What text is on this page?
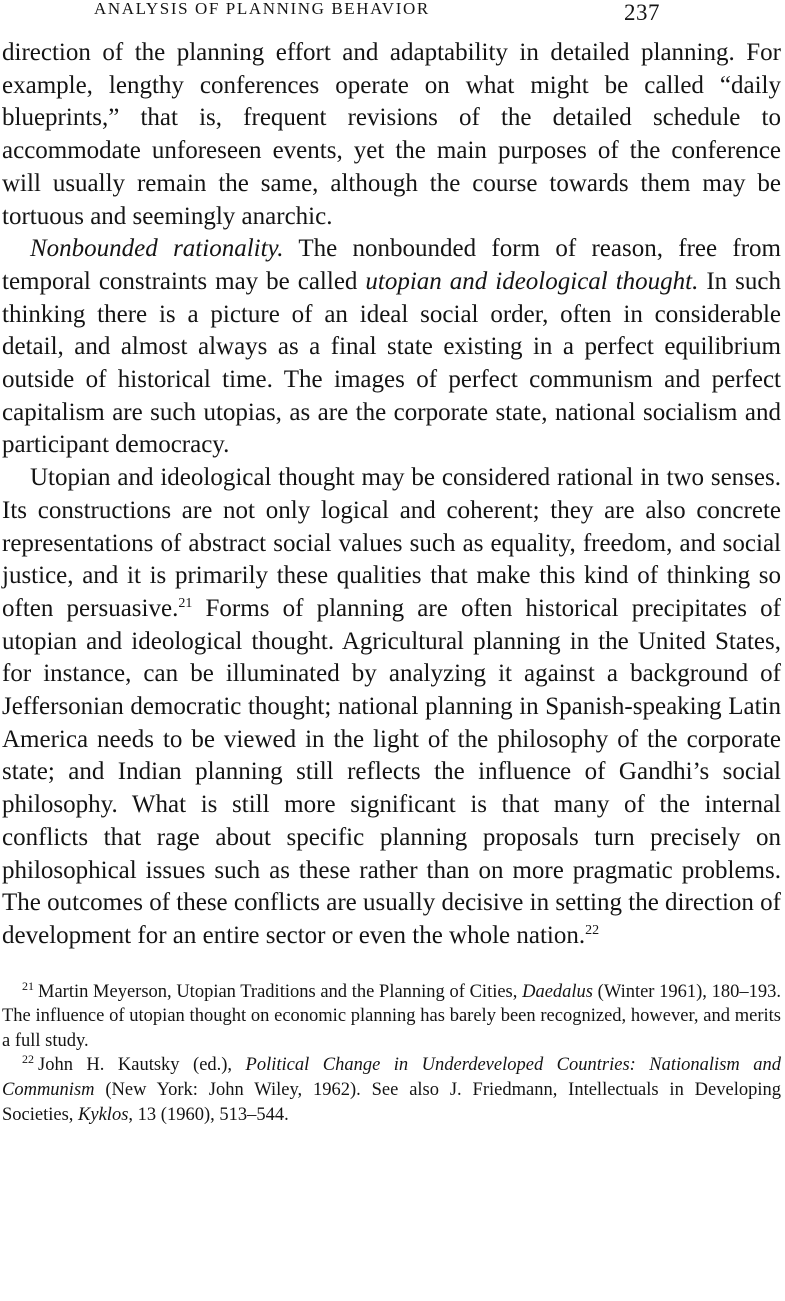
ANALYSIS OF PLANNING BEHAVIOR	237

direction of the planning effort and adaptability in detailed planning. For example, lengthy conferences operate on what might be called “daily blueprints,” that is, frequent revisions of the detailed schedule to accommodate unforeseen events, yet the main purposes of the conference will usually remain the same, although the course towards them may be tortuous and seemingly anarchic.

Nonbounded rationality. The nonbounded form of reason, free from temporal constraints may be called utopian and ideological thought. In such thinking there is a picture of an ideal social order, often in considerable detail, and almost always as a final state existing in a perfect equilibrium outside of historical time. The images of perfect communism and perfect capitalism are such utopias, as are the corporate state, national socialism and participant democracy.

Utopian and ideological thought may be considered rational in two senses. Its constructions are not only logical and coherent; they are also concrete representations of abstract social values such as equality, freedom, and social justice, and it is primarily these qualities that make this kind of thinking so often persuasive.$^{21}$ Forms of planning are often historical precipitates of utopian and ideological thought. Agricultural planning in the United States, for instance, can be illuminated by analyzing it against a background of Jeffersonian democratic thought; national planning in Spanish-speaking Latin America needs to be viewed in the light of the philosophy of the corporate state; and Indian planning still reflects the influence of Gandhi’s social philosophy. What is still more significant is that many of the internal conflicts that rage about specific planning proposals turn precisely on philosophical issues such as these rather than on more pragmatic problems. The outcomes of these conflicts are usually decisive in setting the direction of development for an entire sector or even the whole nation.$^{22}$

$^{21}$ Martin Meyerson, Utopian Traditions and the Planning of Cities, Daedalus (Winter 1961), 180–193. The influence of utopian thought on economic planning has barely been recognized, however, and merits a full study.

$^{22}$ John H. Kautsky (ed.), Political Change in Underdeveloped Countries: Nationalism and Communism (New York: John Wiley, 1962). See also J. Friedmann, Intellectuals in Developing Societies, Kyklos, 13 (1960), 513–544.
